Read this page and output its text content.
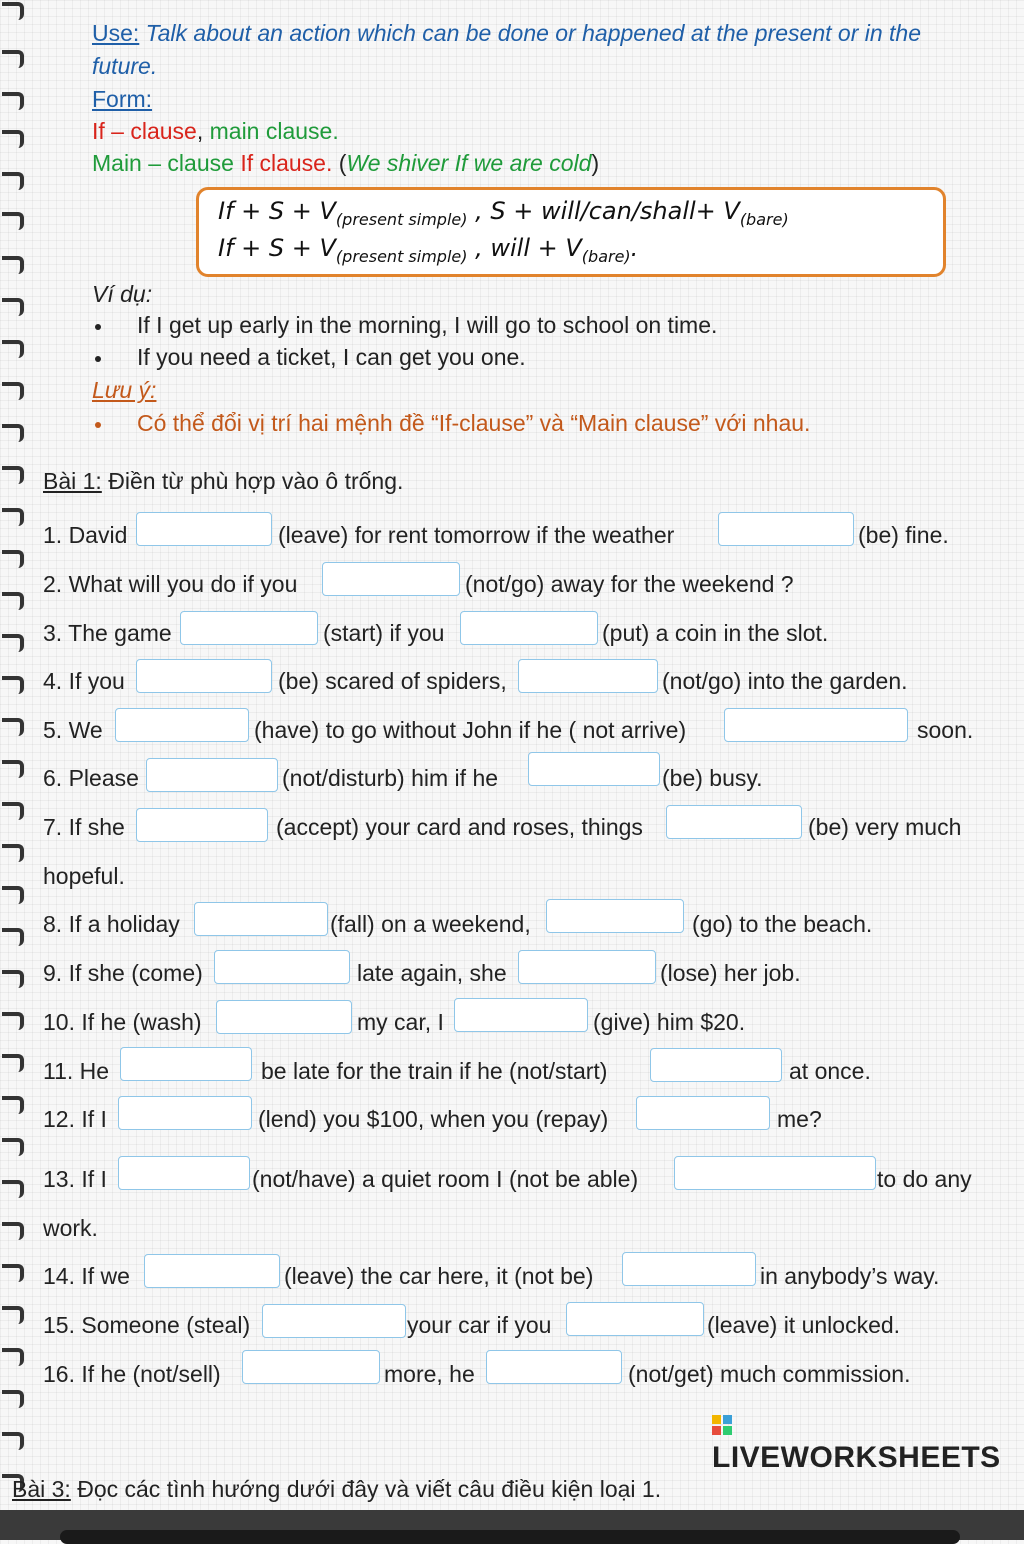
Use: Talk about an action which can be done or happened at the present or in the
future.
Form:
If – clause, main clause.
Main – clause If clause. (We shiver If we are cold)
$If + S + V_{(present simple)}$ , S + will/can/shall+ $V_{(bare)}$
$If + S + V_{(present simple)}$ , will + $V_{(bare)}$.
Ví dụ:
If I get up early in the morning, I will go to school on time.
If you need a ticket, I can get you one.
Lưu ý:
Có thể đổi vị trí hai mệnh đề “If-clause” và “Main clause” với nhau.
Bài 1: Điền từ phù hợp vào ô trống.
1. David	(leave) for rent tomorrow if the weather	(be) fine.
2. What will you do if you	(not/go) away for the weekend ?
3. The game	(start) if you	(put) a coin in the slot.
4. If you	(be) scared of spiders,	(not/go) into the garden.
5. We	(have) to go without John if he ( not arrive)	soon.
6. Please	(not/disturb) him if he	(be) busy.
7. If she	(accept) your card and roses, things	(be) very much
hopeful.
8. If a holiday	(fall) on a weekend,	(go) to the beach.
9. If she (come)	late again, she	(lose) her job.
10. If he (wash)	my car, I	(give) him $20.
11. He	be late for the train if he (not/start)	at once.
12. If I	(lend) you $100, when you (repay)	me?
13. If I	(not/have) a quiet room I (not be able)	to do any
work.
14. If we	(leave) the car here, it (not be)	in anybody’s way.
15. Someone (steal)	your car if you	(leave) it unlocked.
16. If he (not/sell)	more, he	(not/get) much commission.
LIVEWORKSHEETS
Bài 3: Đọc các tình hướng dưới đây và viết câu điều kiện loại 1.
